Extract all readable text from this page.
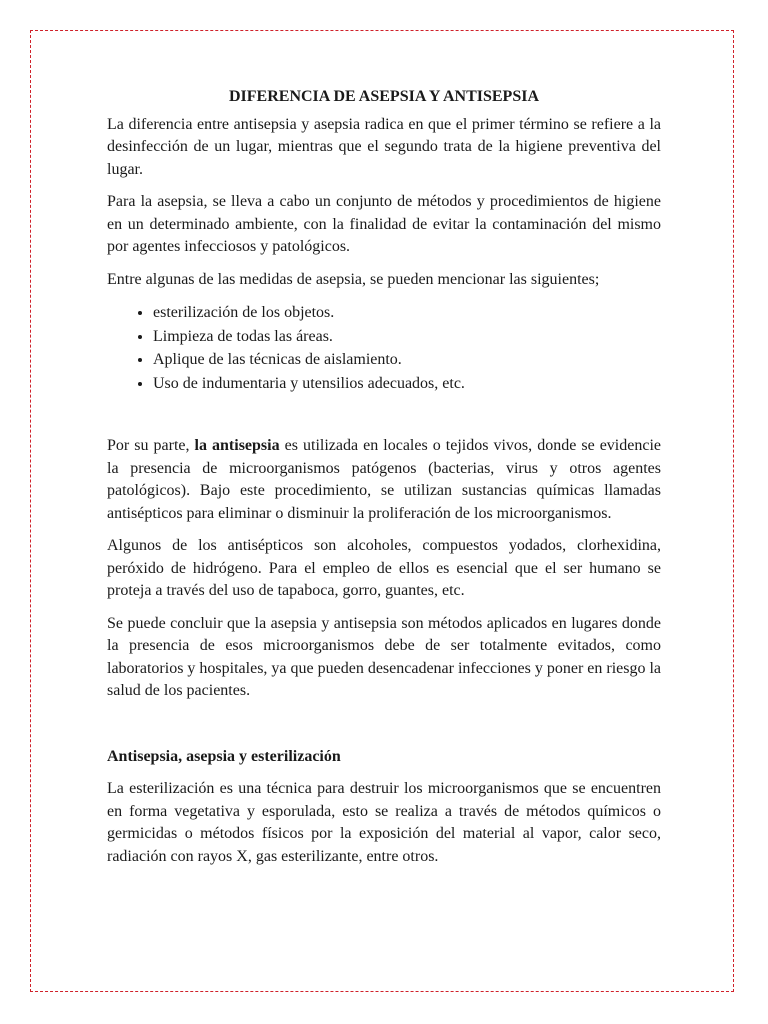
DIFERENCIA DE ASEPSIA Y ANTISEPSIA

La diferencia entre antisepsia y asepsia radica en que el primer término se refiere a la desinfección de un lugar, mientras que el segundo trata de la higiene preventiva del lugar.

Para la asepsia, se lleva a cabo un conjunto de métodos y procedimientos de higiene en un determinado ambiente, con la finalidad de evitar la contaminación del mismo por agentes infecciosos y patológicos.

Entre algunas de las medidas de asepsia, se pueden mencionar las siguientes;

• esterilización de los objetos.
• Limpieza de todas las áreas.
• Aplique de las técnicas de aislamiento.
• Uso de indumentaria y utensilios adecuados, etc.

Por su parte, la antisepsia es utilizada en locales o tejidos vivos, donde se evidencie la presencia de microorganismos patógenos (bacterias, virus y otros agentes patológicos). Bajo este procedimiento, se utilizan sustancias químicas llamadas antisépticos para eliminar o disminuir la proliferación de los microorganismos.

Algunos de los antisépticos son alcoholes, compuestos yodados, clorhexidina, peróxido de hidrógeno. Para el empleo de ellos es esencial que el ser humano se proteja a través del uso de tapaboca, gorro, guantes, etc.

Se puede concluir que la asepsia y antisepsia son métodos aplicados en lugares donde la presencia de esos microorganismos debe de ser totalmente evitados, como laboratorios y hospitales, ya que pueden desencadenar infecciones y poner en riesgo la salud de los pacientes.

Antisepsia, asepsia y esterilización

La esterilización es una técnica para destruir los microorganismos que se encuentren en forma vegetativa y esporulada, esto se realiza a través de métodos químicos o germicidas o métodos físicos por la exposición del material al vapor, calor seco, radiación con rayos X, gas esterilizante, entre otros.
